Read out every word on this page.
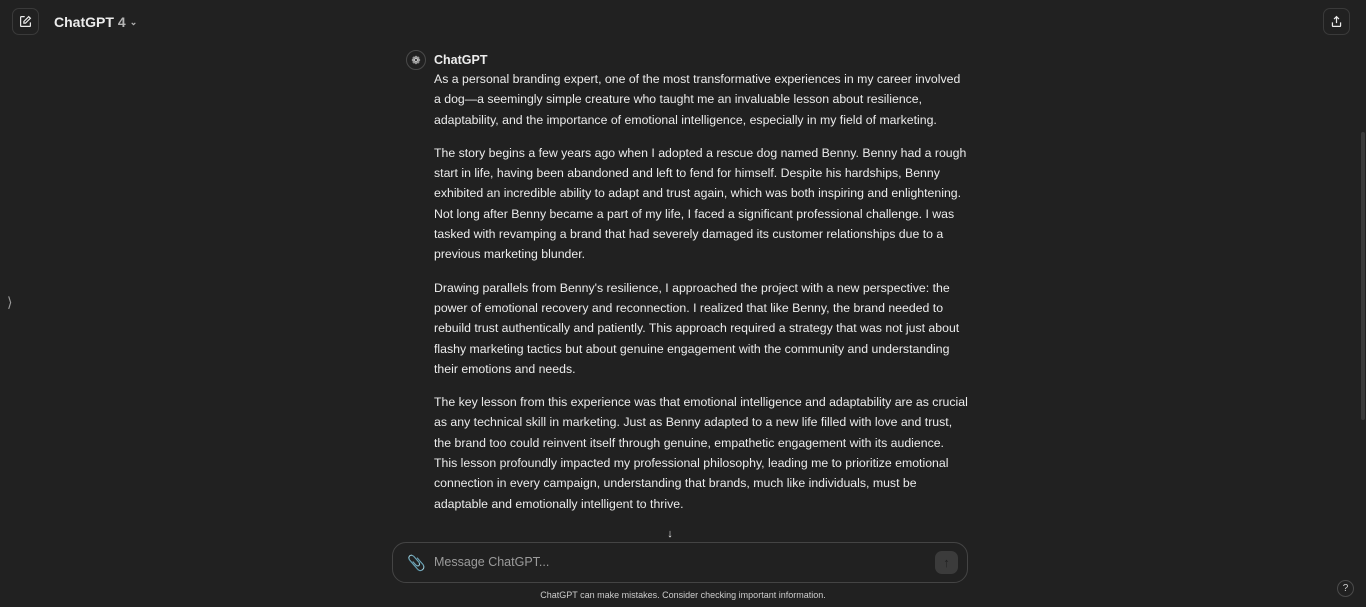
ChatGPT 4 ⌄
⟩
❁	ChatGPT

As a personal branding expert, one of the most transformative experiences in my career involved a dog—a seemingly simple creature who taught me an invaluable lesson about resilience, adaptability, and the importance of emotional intelligence, especially in my field of marketing.

The story begins a few years ago when I adopted a rescue dog named Benny. Benny had a rough start in life, having been abandoned and left to fend for himself. Despite his hardships, Benny exhibited an incredible ability to adapt and trust again, which was both inspiring and enlightening. Not long after Benny became a part of my life, I faced a significant professional challenge. I was tasked with revamping a brand that had severely damaged its customer relationships due to a previous marketing blunder.

Drawing parallels from Benny's resilience, I approached the project with a new perspective: the power of emotional recovery and reconnection. I realized that like Benny, the brand needed to rebuild trust authentically and patiently. This approach required a strategy that was not just about flashy marketing tactics but about genuine engagement with the community and understanding their emotions and needs.

The key lesson from this experience was that emotional intelligence and adaptability are as crucial as any technical skill in marketing. Just as Benny adapted to a new life filled with love and trust, the brand too could reinvent itself through genuine, empathetic engagement with its audience. This lesson profoundly impacted my professional philosophy, leading me to prioritize emotional connection in every campaign, understanding that brands, much like individuals, must be adaptable and emotionally intelligent to thrive.

↓
📎
Message ChatGPT...	↑
ChatGPT can make mistakes. Consider checking important information.
?
